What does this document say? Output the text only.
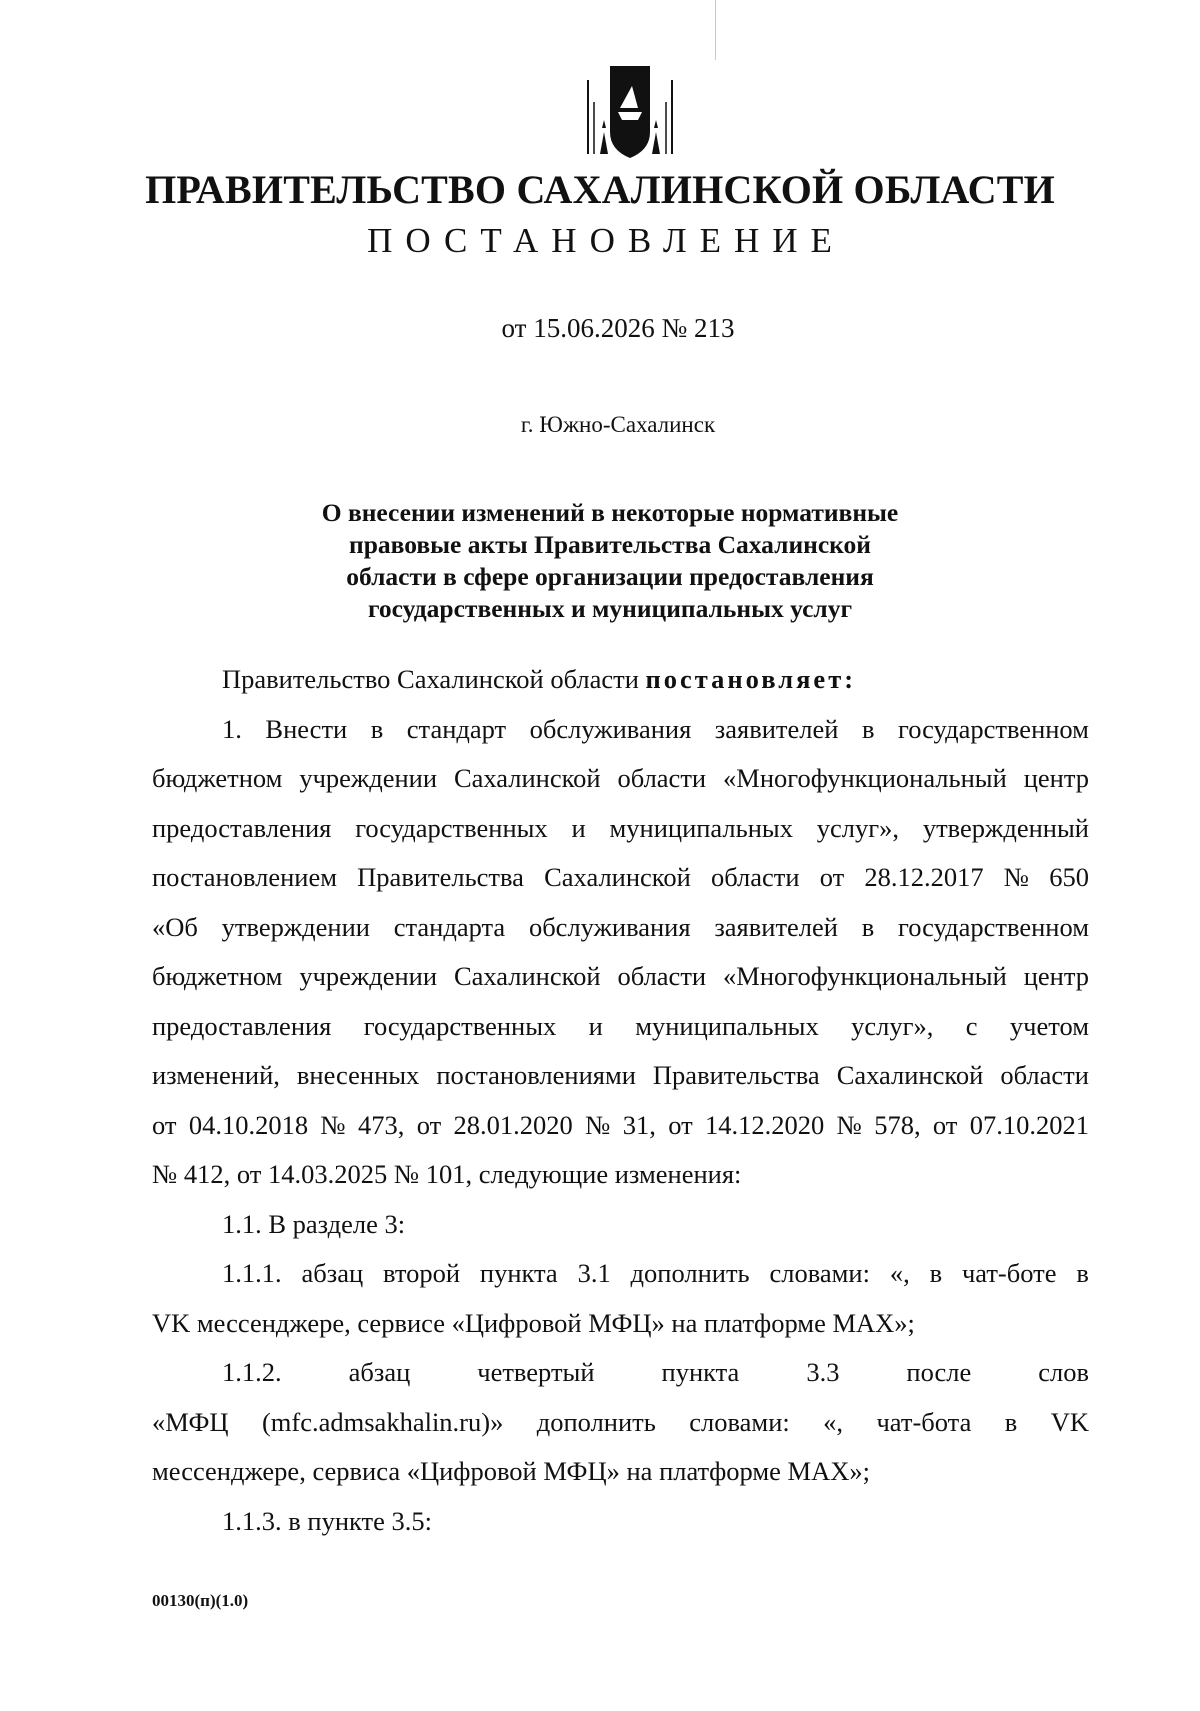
ПРАВИТЕЛЬСТВО САХАЛИНСКОЙ ОБЛАСТИ
ПОСТАНОВЛЕНИЕ
от 15.06.2026 № 213
г. Южно-Сахалинск
О внесении изменений в некоторые нормативные
правовые акты Правительства Сахалинской
области в сфере организации предоставления
государственных и муниципальных услуг
Правительство Сахалинской области постановляет:
1. Внести в стандарт обслуживания заявителей в государственном
бюджетном учреждении Сахалинской области «Многофункциональный центр
предоставления государственных и муниципальных услуг», утвержденный
постановлением Правительства Сахалинской области от 28.12.2017 № 650
«Об утверждении стандарта обслуживания заявителей в государственном
бюджетном учреждении Сахалинской области «Многофункциональный центр
предоставления государственных и муниципальных услуг», с учетом
изменений, внесенных постановлениями Правительства Сахалинской области
от 04.10.2018 № 473, от 28.01.2020 № 31, от 14.12.2020 № 578, от 07.10.2021
№ 412, от 14.03.2025 № 101, следующие изменения:
1.1. В разделе 3:
1.1.1. абзац второй пункта 3.1 дополнить словами: «, в чат-боте в
VK мессенджере, сервисе «Цифровой МФЦ» на платформе MAX»;
1.1.2.	абзац	четвертый	пункта	3.3	после	слов
«МФЦ (mfc.admsakhalin.ru)» дополнить словами: «, чат-бота в VK
мессенджере, сервиса «Цифровой МФЦ» на платформе MAX»;
1.1.3. в пункте 3.5:
00130(п)(1.0)
